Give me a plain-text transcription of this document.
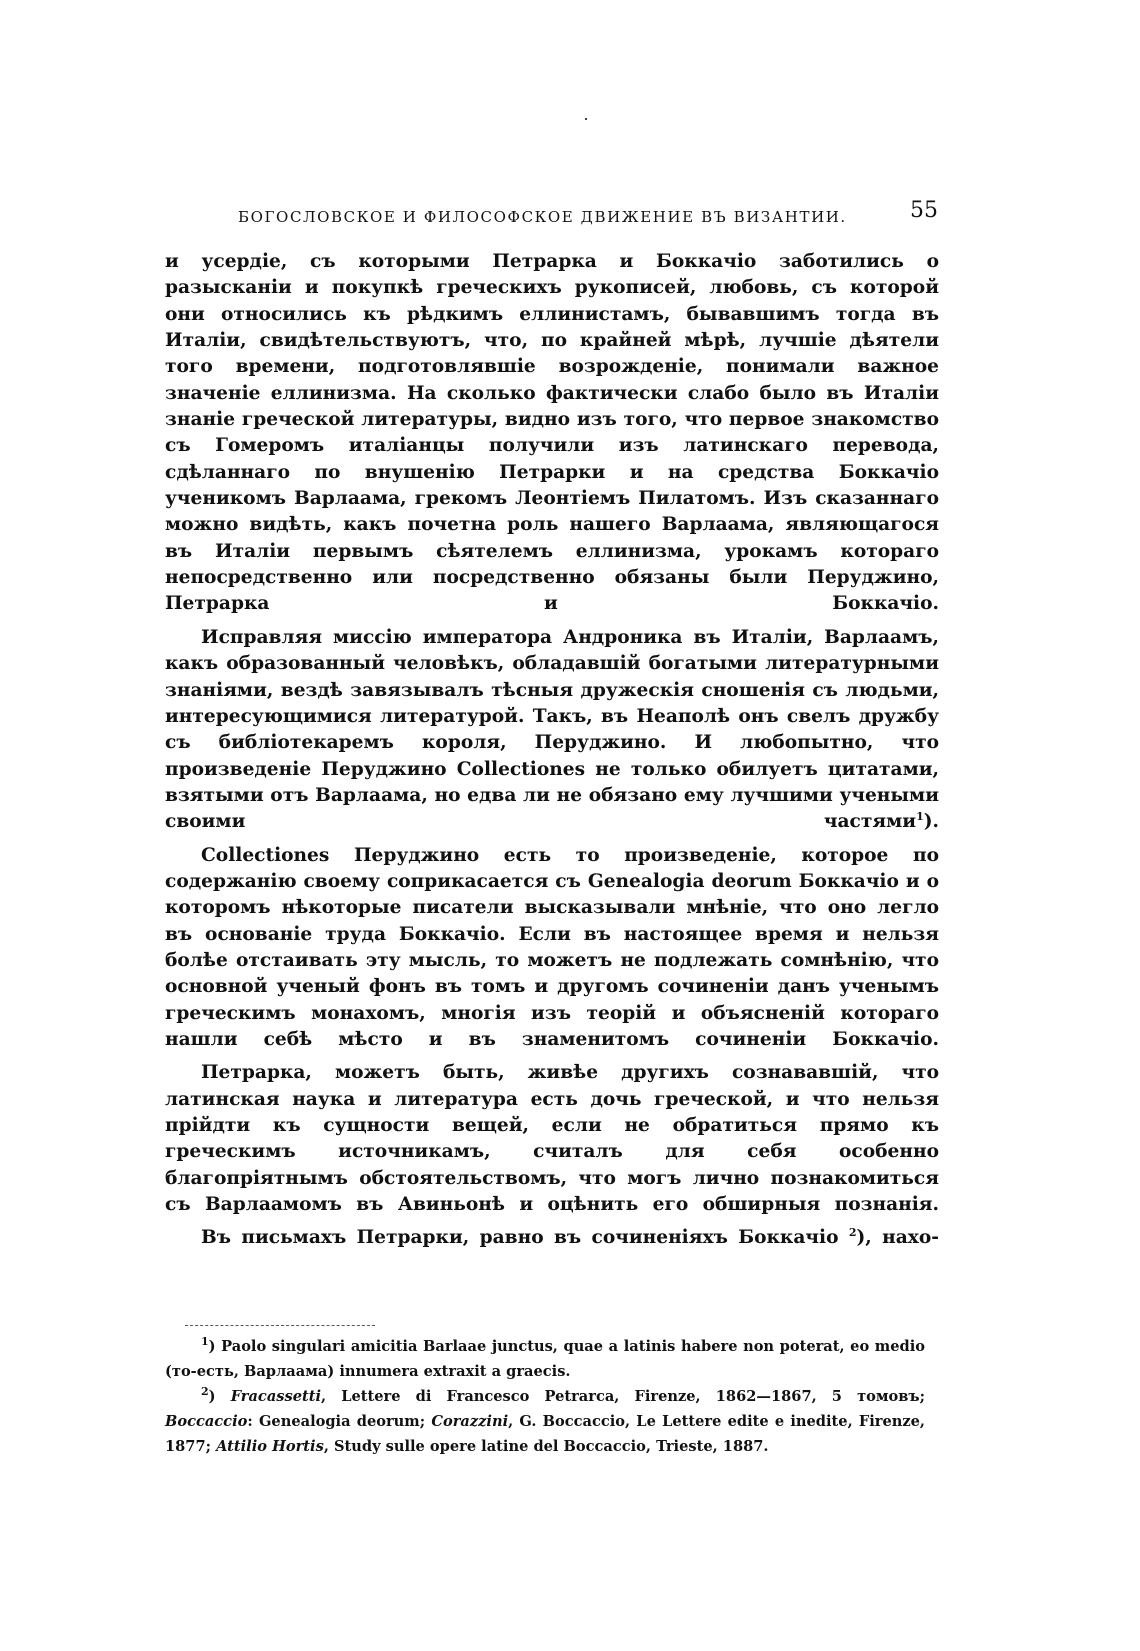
БОГОСЛОВСКОЕ И ФИЛОСОФСКОЕ ДВИЖЕНИЕ ВЪ ВИЗАНТИИ.	55

и усердіе, съ которыми Петрарка и Боккачіо заботились о разысканіи и покупкѣ греческихъ рукописей, любовь, съ которой они относились къ рѣдкимъ еллинистамъ, бывавшимъ тогда въ Италіи, свидѣтельствуютъ, что, по крайней мѣрѣ, лучшіе дѣятели того времени, подготовлявшіе возрожденіе, понимали важное значеніе еллинизма. На сколько фактически слабо было въ Италіи знаніе греческой литературы, видно изъ того, что первое знакомство съ Гомеромъ италіанцы получили изъ латинскаго перевода, сдѣланнаго по внушенію Петрарки и на средства Боккачіо ученикомъ Варлаама, грекомъ Леонтіемъ Пилатомъ. Изъ сказаннаго можно видѣть, какъ почетна роль нашего Варлаама, являющагося въ Италіи первымъ сѣятелемъ еллинизма, урокамъ котораго непосредственно или посредственно обязаны были Перуджино, Петрарка и Боккачіо.

Исправляя миссію императора Андроника въ Италіи, Варлаамъ, какъ образованный человѣкъ, обладавшій богатыми литературными знаніями, вездѣ завязывалъ тѣсныя дружескія сношенія съ людьми, интересующимися литературой. Такъ, въ Неаполѣ онъ свелъ дружбу съ библіотекаремъ короля, Перуджино. И любопытно, что произведеніе Перуджино Collectiones не только обилуетъ цитатами, взятыми отъ Варлаама, но едва ли не обязано ему лучшими учеными своими частями$^1$).

Collectiones Перуджино есть то произведеніе, которое по содержанію своему соприкасается съ Genealogia deorum Боккачіо и о которомъ нѣкоторые писатели высказывали мнѣніе, что оно легло въ основаніе труда Боккачіо. Если въ настоящее время и нельзя болѣе отстаивать эту мысль, то можетъ не подлежать сомнѣнію, что основной ученый фонъ въ томъ и другомъ сочиненіи данъ ученымъ греческимъ монахомъ, многія изъ теорій и объясненій котораго нашли себѣ мѣсто и въ знаменитомъ сочиненіи Боккачіо.

Петрарка, можетъ быть, живѣе другихъ сознававшій, что латинская наука и литература есть дочь греческой, и что нельзя прійдти къ сущности вещей, если не обратиться прямо къ греческимъ источникамъ, считалъ для себя особенно благопріятнымъ обстоятельствомъ, что могъ лично познакомиться съ Варлаамомъ въ Авиньонѣ и оцѣнить его обширныя познанія.

Въ письмахъ Петрарки, равно въ сочиненіяхъ Боккачіо $^2$), нахо-

$^1$) Paolo singulari amicitia Barlaae junctus, quae a latinis habere non poterat, eo medio (то-есть, Варлаама) innumera extraxit a graecis.

$^2$) Fracassetti, Lettere di Francesco Petrarca, Firenze, 1862—1867, 5 томовъ; Boccaccio: Genealogia deorum; Corazzini, G. Boccaccio, Le Lettere edite e inedite, Firenze, 1877; Attilio Hortis, Study sulle opere latine del Boccaccio, Trieste, 1887.
